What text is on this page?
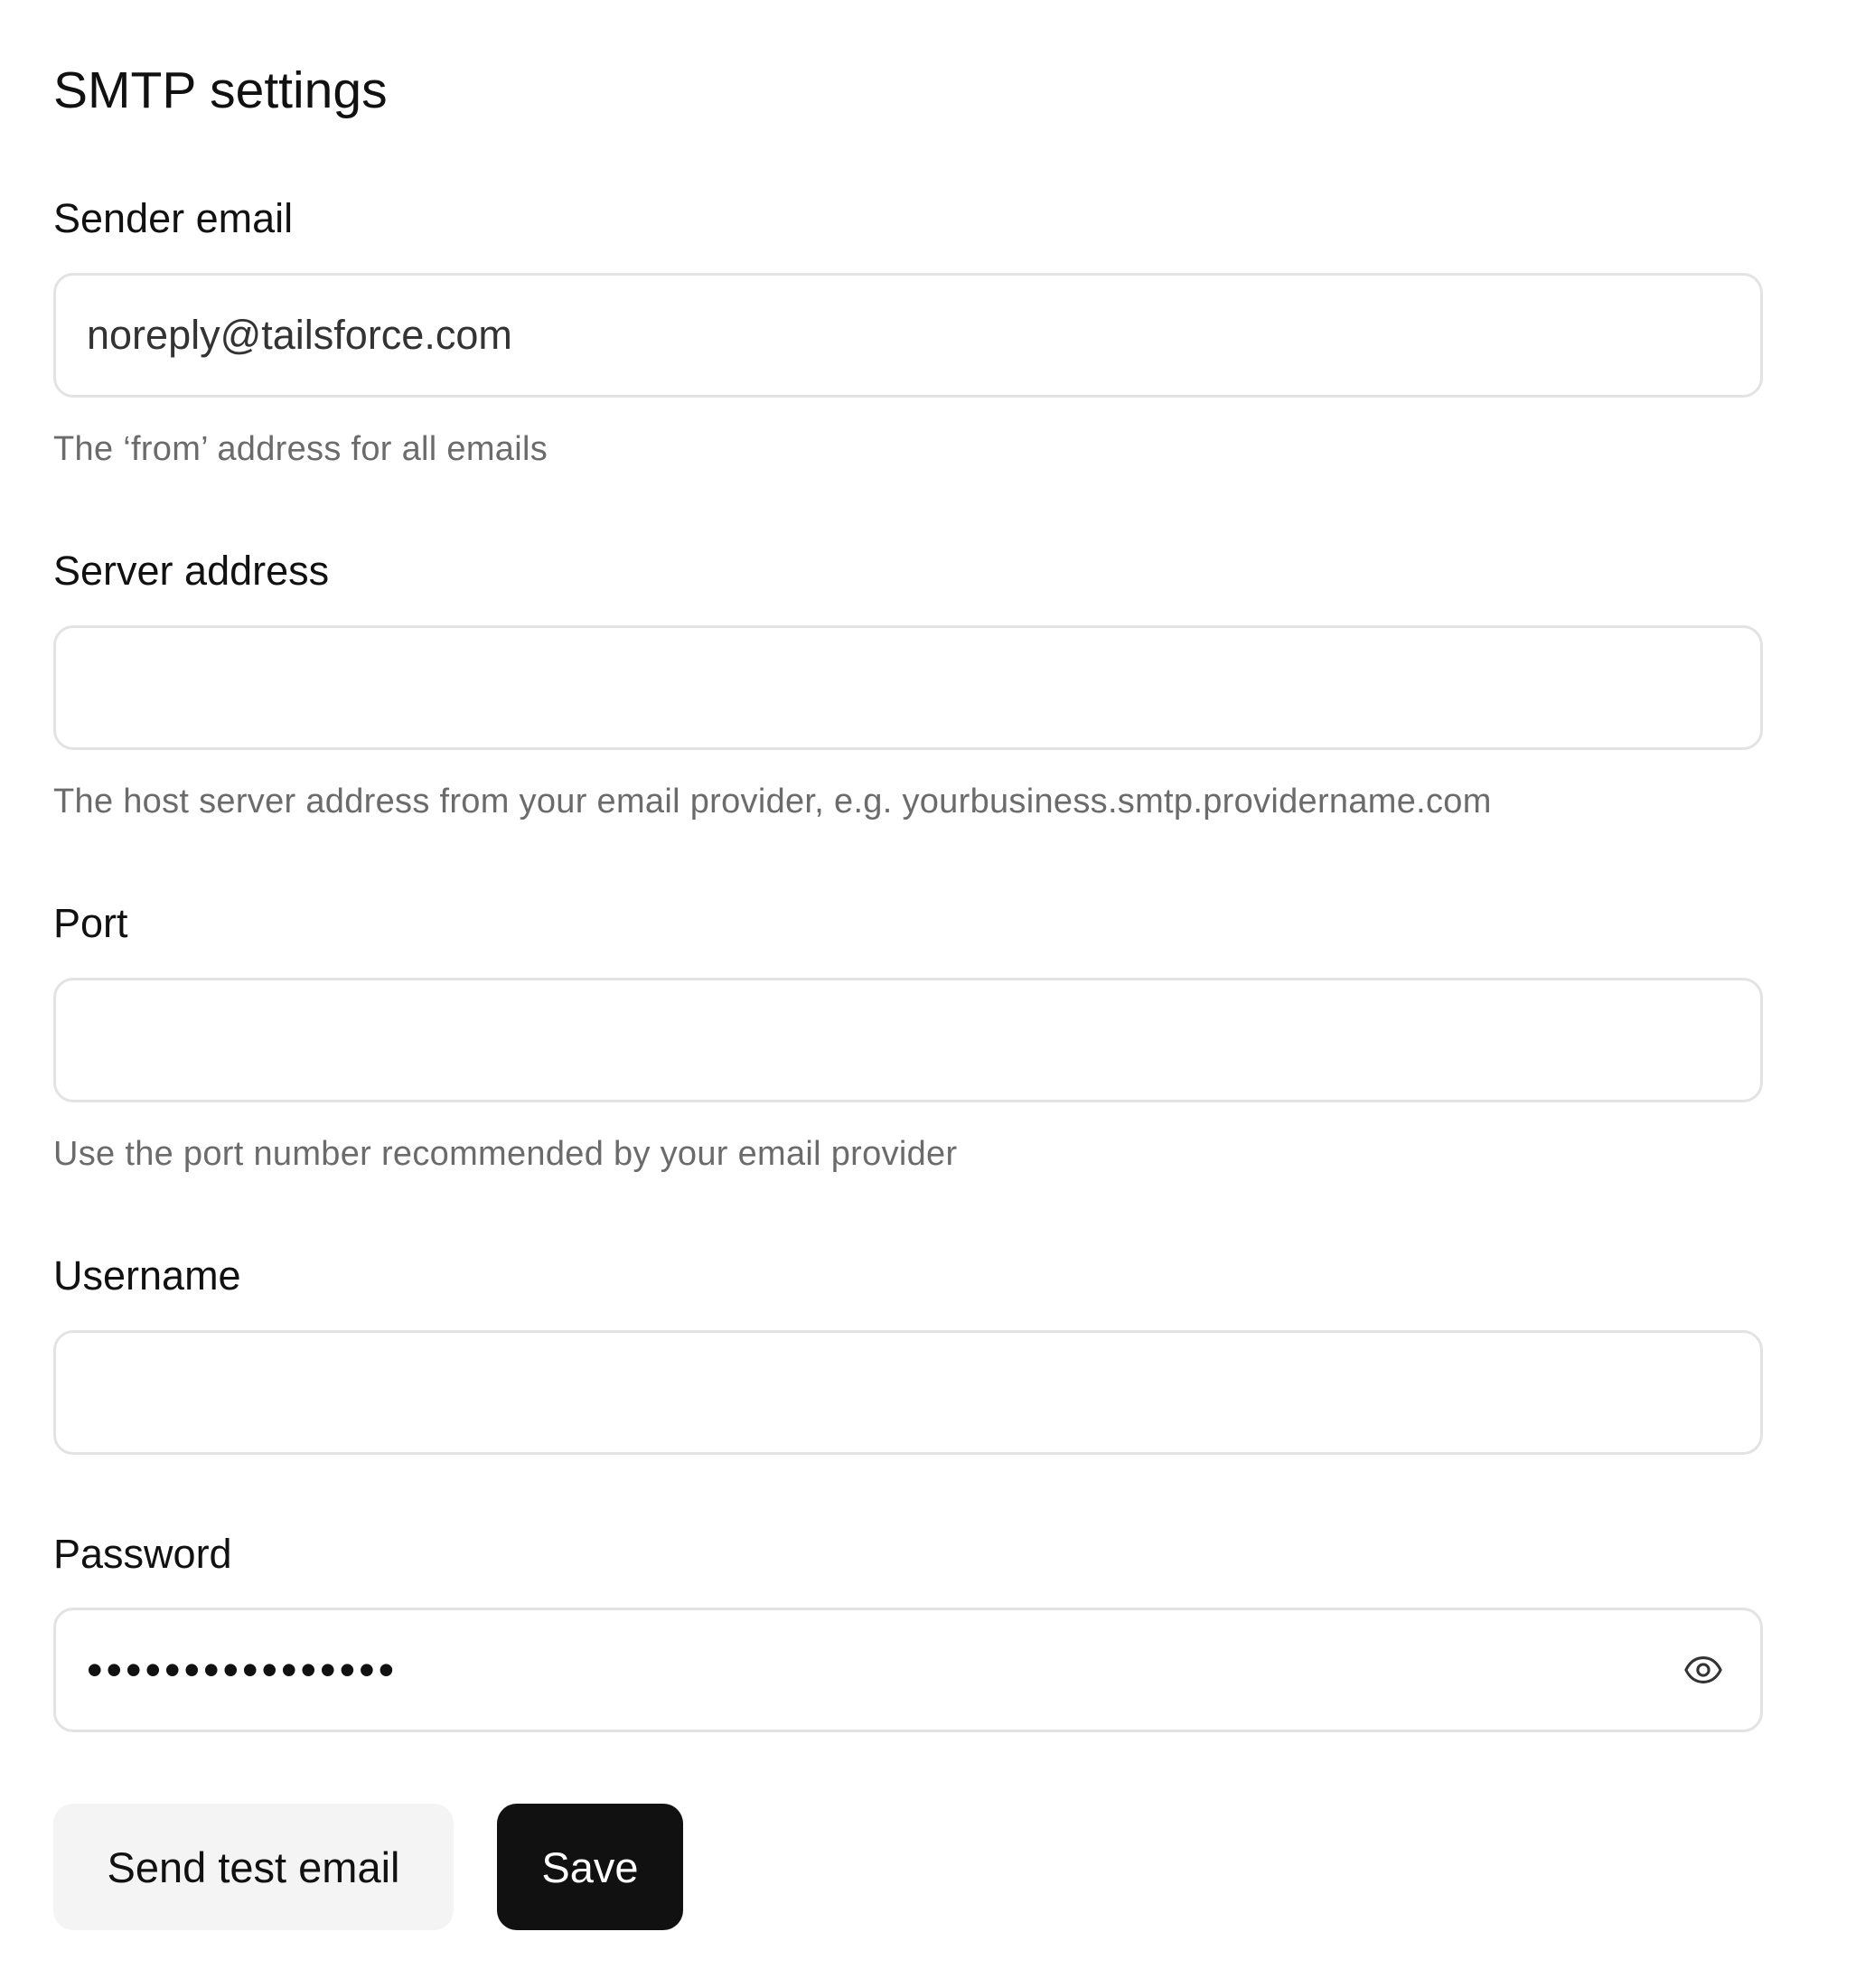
SMTP settings
Sender email
noreply@tailsforce.com
The ‘from’ address for all emails
Server address
The host server address from your email provider, e.g. yourbusiness.smtp.providername.com
Port
Use the port number recommended by your email provider
Username
Password
••••••••••••••••
Send test email	Save
